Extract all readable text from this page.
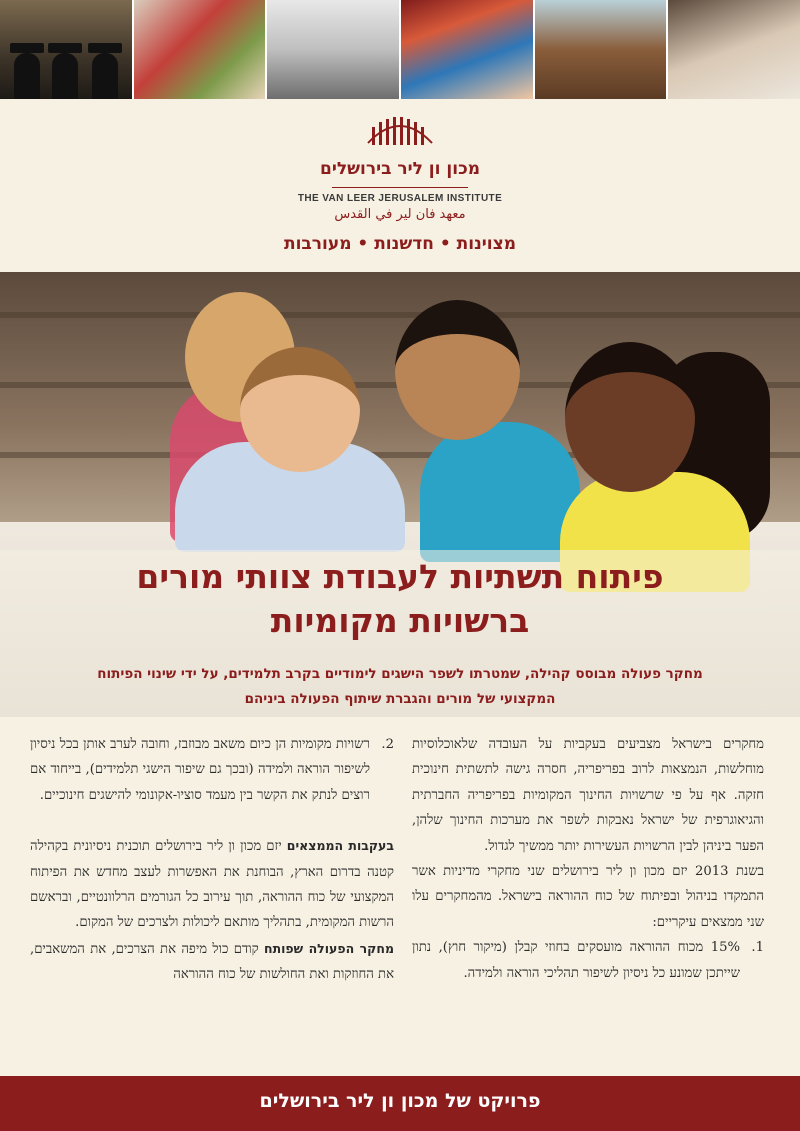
מכון ון ליר בירושלים
THE VAN LEER JERUSALEM INSTITUTE
معهد فان لير في القدس
מצוינות • חדשנות • מעורבות
פיתוח תשתיות לעבודת צוותי מורים
ברשויות מקומיות
מחקר פעולה מבוסס קהילה, שמטרתו לשפר הישגים לימודיים בקרב תלמידים, על ידי שינוי הפיתוח
המקצועי של מורים והגברת שיתוף הפעולה ביניהם

מחקרים בישראל מצביעים בעקביות על העובדה שלאוכלוסיות מוחלשות, הנמצאות לרוב בפריפריה, חסרה גישה לתשתית חינוכית חזקה. אף על פי שרשויות החינוך המקומיות בפריפריה החברתית והגיאוגרפית של ישראל נאבקות לשפר את מערכות החינוך שלהן, הפער ביניהן לבין הרשויות העשירות יותר ממשיך לגדול.

בשנת 2013 יזם מכון ון ליר בירושלים שני מחקרי מדיניות אשר התמקדו בניהול ובפיתוח של כוח ההוראה בישראל. מהמחקרים עלו שני ממצאים עיקריים:

1.
15% מכוח ההוראה מועסקים בחוזי קבלן (מיקור חוץ), נתון שייתכן שמונע כל ניסיון לשיפור תהליכי הוראה ולמידה.
2.
רשויות מקומיות הן כיום משאב מבוזבז, וחובה לערב אותן בכל ניסיון לשיפור הוראה ולמידה (ובכך גם שיפור הישגי תלמידים), בייחוד אם רוצים לנתק את הקשר בין מעמד סוציו-אקונומי להישגים חינוכיים.

בעקבות הממצאים יזם מכון ון ליר בירושלים תוכנית ניסיונית בקהילה קטנה בדרום הארץ, הבוחנת את האפשרות לעצב מחדש את הפיתוח המקצועי של כוח ההוראה, תוך עירוב כל הגורמים הרלוונטיים, ובראשם הרשות המקומית, בתהליך מותאם ליכולות ולצרכים של המקום.

מחקר הפעולה שפותח קודם כול מיפה את הצרכים, את המשאבים, את החוזקות ואת החולשות של כוח ההוראה

פרויקט של מכון ון ליר בירושלים
